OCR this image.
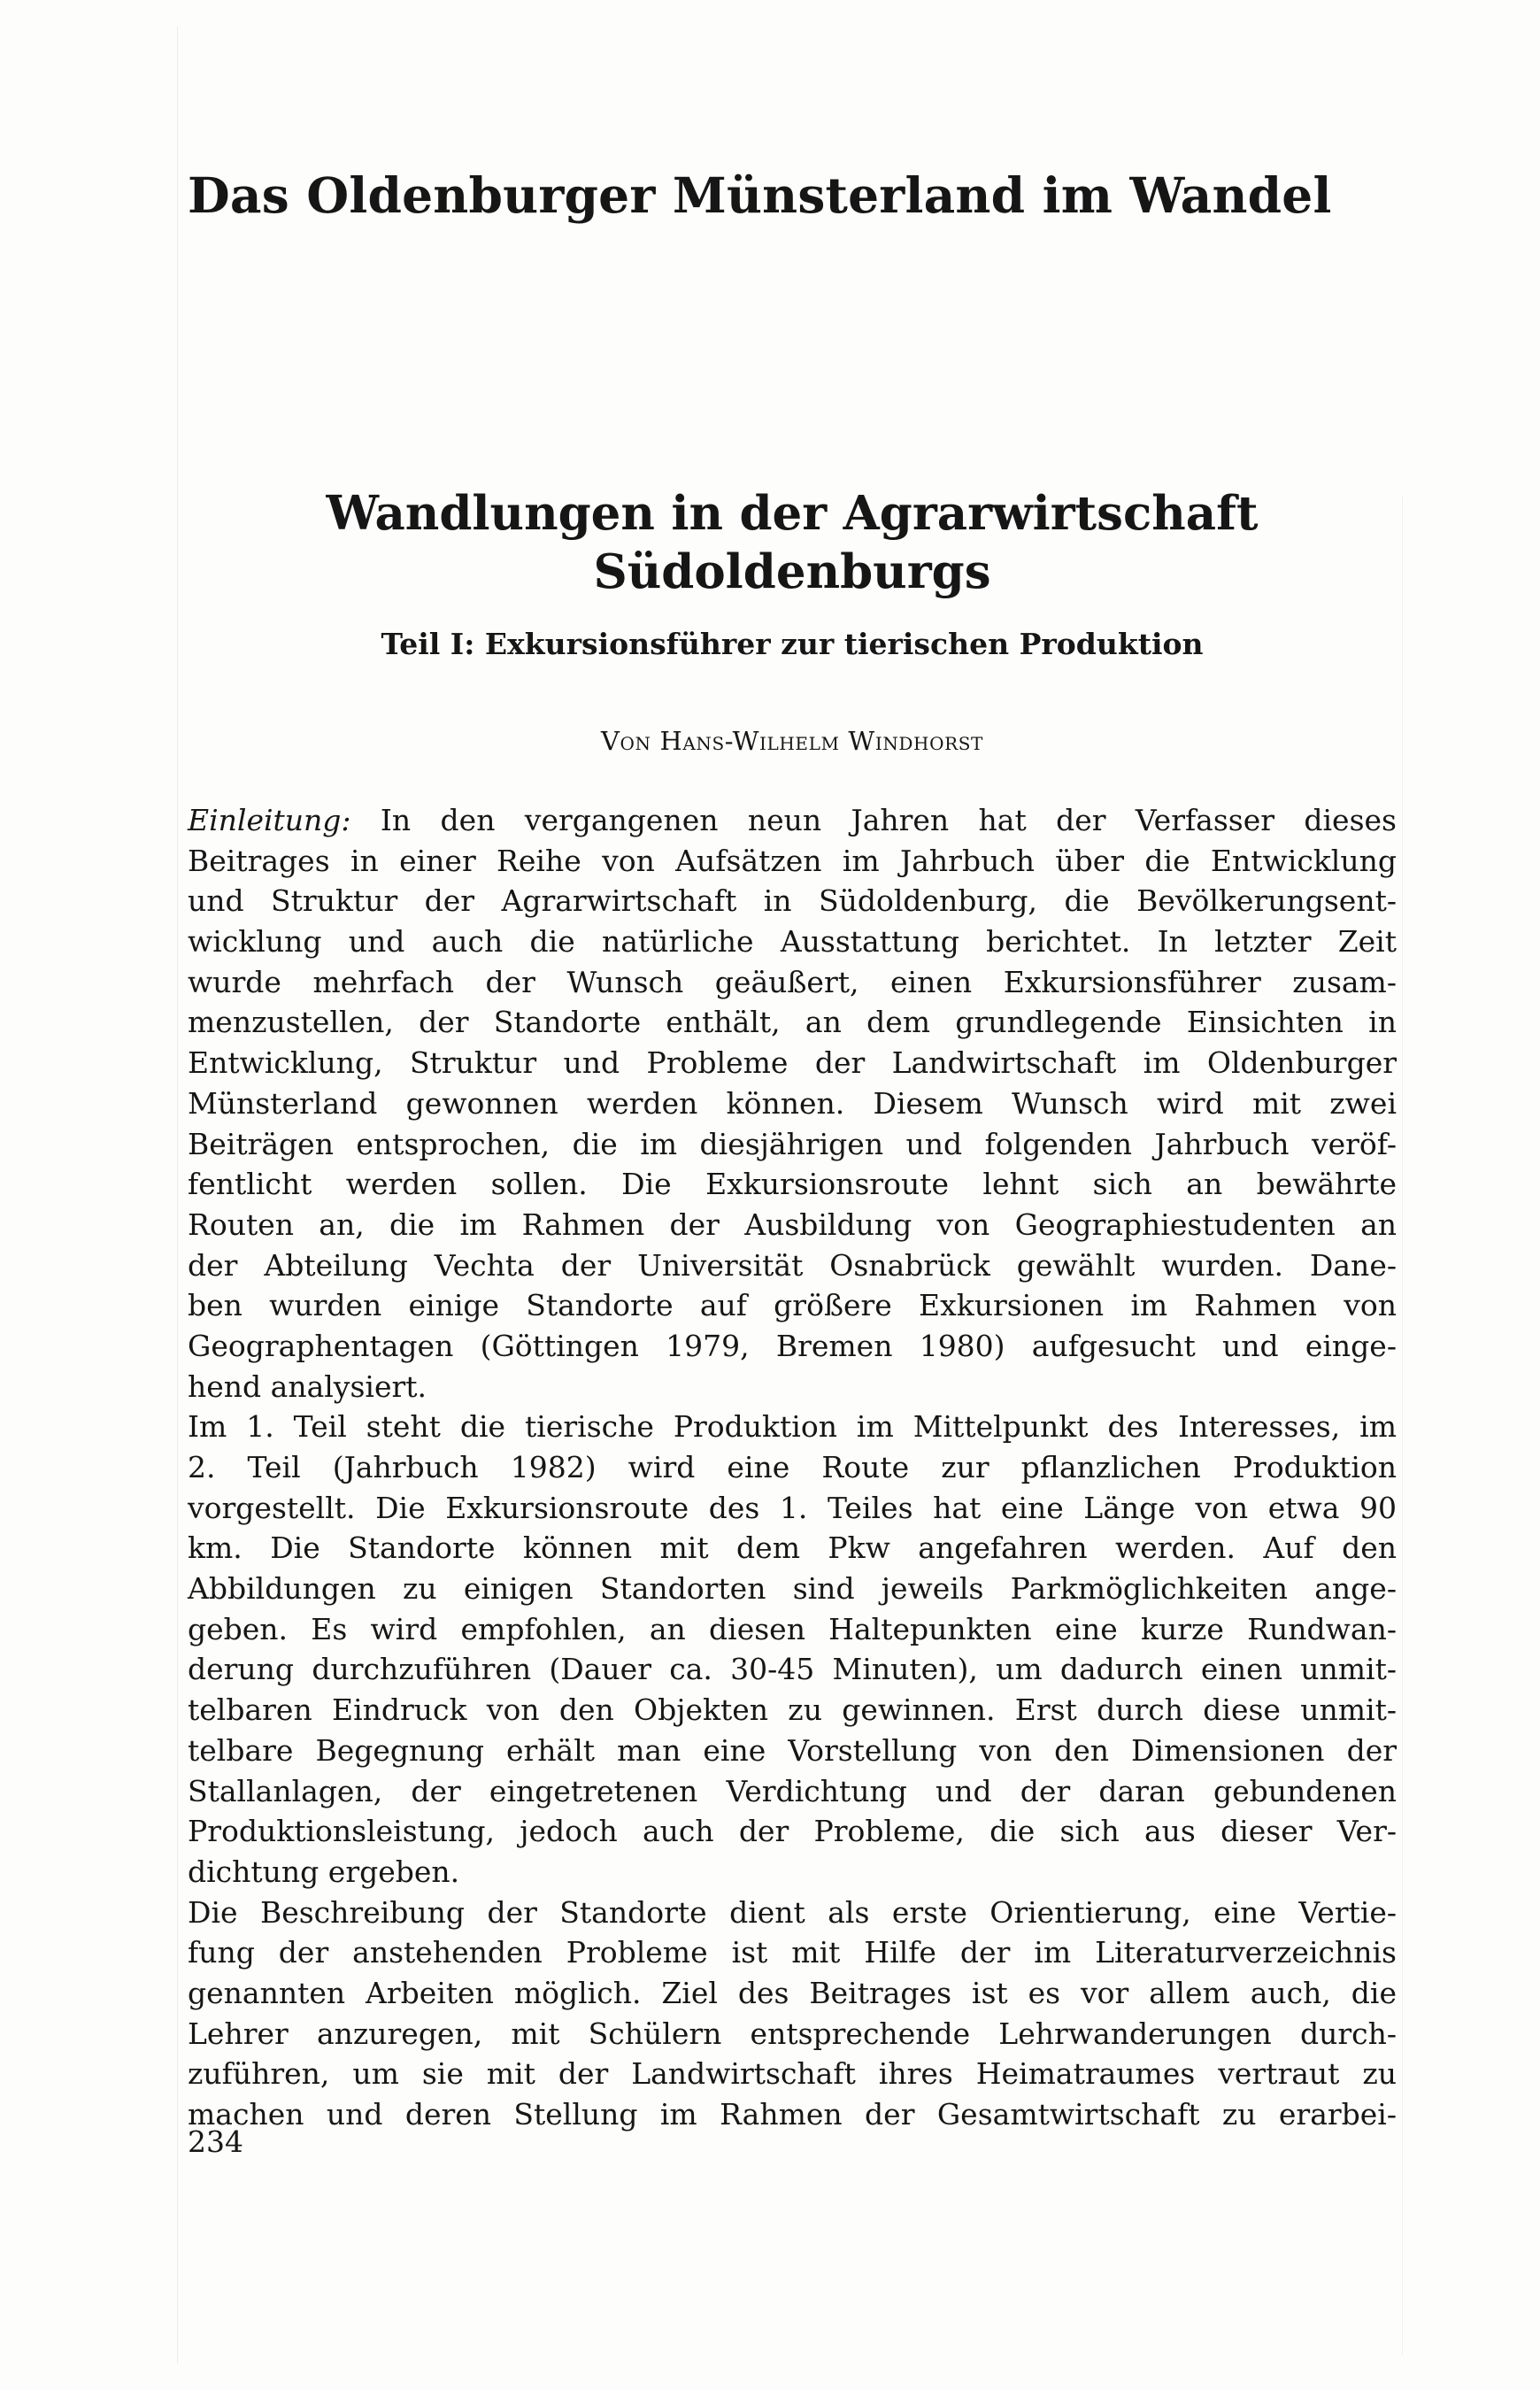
Das Oldenburger Münsterland im Wandel
Wandlungen in der Agrarwirtschaft
Südoldenburgs
Teil I: Exkursionsführer zur tierischen Produktion

Von Hans-Wilhelm Windhorst

Einleitung: In den vergangenen neun Jahren hat der Verfasser dieses
Beitrages in einer Reihe von Aufsätzen im Jahrbuch über die Entwicklung
und Struktur der Agrarwirtschaft in Südoldenburg, die Bevölkerungsent-
wicklung und auch die natürliche Ausstattung berichtet. In letzter Zeit
wurde mehrfach der Wunsch geäußert, einen Exkursionsführer zusam-
menzustellen, der Standorte enthält, an dem grundlegende Einsichten in
Entwicklung, Struktur und Probleme der Landwirtschaft im Oldenburger
Münsterland gewonnen werden können. Diesem Wunsch wird mit zwei
Beiträgen entsprochen, die im diesjährigen und folgenden Jahrbuch veröf-
fentlicht werden sollen. Die Exkursionsroute lehnt sich an bewährte
Routen an, die im Rahmen der Ausbildung von Geographiestudenten an
der Abteilung Vechta der Universität Osnabrück gewählt wurden. Dane-
ben wurden einige Standorte auf größere Exkursionen im Rahmen von
Geographentagen (Göttingen 1979, Bremen 1980) aufgesucht und einge-
hend analysiert.
Im 1. Teil steht die tierische Produktion im Mittelpunkt des Interesses, im
2. Teil (Jahrbuch 1982) wird eine Route zur pflanzlichen Produktion
vorgestellt. Die Exkursionsroute des 1. Teiles hat eine Länge von etwa 90
km. Die Standorte können mit dem Pkw angefahren werden. Auf den
Abbildungen zu einigen Standorten sind jeweils Parkmöglichkeiten ange-
geben. Es wird empfohlen, an diesen Haltepunkten eine kurze Rundwan-
derung durchzuführen (Dauer ca. 30-45 Minuten), um dadurch einen unmit-
telbaren Eindruck von den Objekten zu gewinnen. Erst durch diese unmit-
telbare Begegnung erhält man eine Vorstellung von den Dimensionen der
Stallanlagen, der eingetretenen Verdichtung und der daran gebundenen
Produktionsleistung, jedoch auch der Probleme, die sich aus dieser Ver-
dichtung ergeben.
Die Beschreibung der Standorte dient als erste Orientierung, eine Vertie-
fung der anstehenden Probleme ist mit Hilfe der im Literaturverzeichnis
genannten Arbeiten möglich. Ziel des Beitrages ist es vor allem auch, die
Lehrer anzuregen, mit Schülern entsprechende Lehrwanderungen durch-
zuführen, um sie mit der Landwirtschaft ihres Heimatraumes vertraut zu
machen und deren Stellung im Rahmen der Gesamtwirtschaft zu erarbei-

234
